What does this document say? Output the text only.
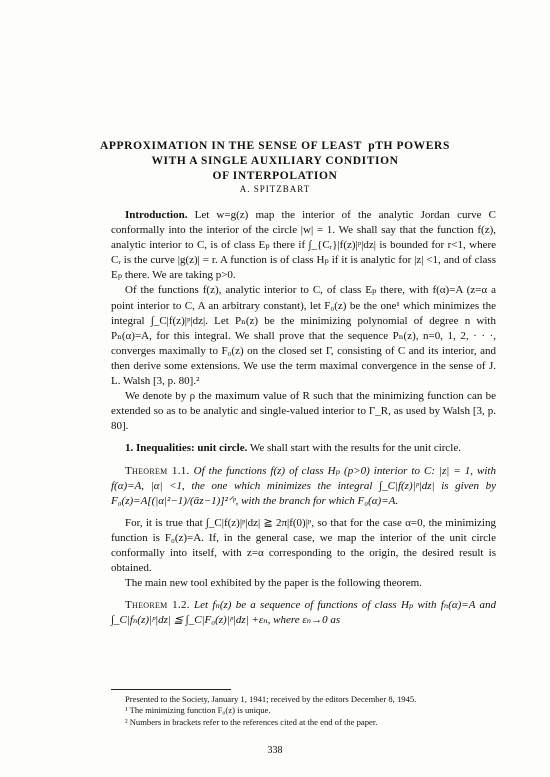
APPROXIMATION IN THE SENSE OF LEAST  pTH POWERS
WITH A SINGLE AUXILIARY CONDITION
OF INTERPOLATION

A. SPITZBART

Introduction. Let w=g(z) map the interior of the analytic Jordan curve C conformally into the interior of the circle |w| = 1. We shall say that the function f(z), analytic interior to C, is of class Eₚ there if ∫_{Cᵣ}|f(z)|ᵖ|dz| is bounded for r<1, where Cᵣ is the curve |g(z)| = r. A function is of class Hₚ if it is analytic for |z| <1, and of class Eₚ there. We are taking p>0.

Of the functions f(z), analytic interior to C, of class Eₚ there, with f(α)=A (z=α a point interior to C, A an arbitrary constant), let F₀(z) be the one¹ which minimizes the integral ∫_C|f(z)|ᵖ|dz|. Let Pₙ(z) be the minimizing polynomial of degree n with Pₙ(α)=A, for this integral. We shall prove that the sequence Pₙ(z), n=0, 1, 2, · · ·, converges maximally to F₀(z) on the closed set Γ, consisting of C and its interior, and then derive some extensions. We use the term maximal convergence in the sense of J. L. Walsh [3, p. 80].²

We denote by ρ the maximum value of R such that the minimizing function can be extended so as to be analytic and single-valued interior to Γ_R, as used by Walsh [3, p. 80].

1. Inequalities: unit circle. We shall start with the results for the unit circle.

Theorem 1.1. Of the functions f(z) of class Hₚ (p>0) interior to C: |z| = 1, with f(α)=A, |α| <1, the one which minimizes the integral ∫_C|f(z)|ᵖ|dz| is given by F₀(z)=A[(|α|²−1)/(ᾱz−1)]²ᐟᵖ, with the branch for which F₀(α)=A.

For, it is true that ∫_C|f(z)|ᵖ|dz| ≧ 2π|f(0)|ᵖ, so that for the case α=0, the minimizing function is F₀(z)=A. If, in the general case, we map the interior of the unit circle conformally into itself, with z=α corresponding to the origin, the desired result is obtained.

The main new tool exhibited by the paper is the following theorem.

Theorem 1.2. Let fₙ(z) be a sequence of functions of class Hₚ with fₙ(α)=A and ∫_C|fₙ(z)|ᵖ|dz| ≦ ∫_C|F₀(z)|ᵖ|dz| +εₙ, where εₙ→0 as

Presented to the Society, January 1, 1941; received by the editors December 8, 1945.

¹ The minimizing function F₀(z) is unique.

² Numbers in brackets refer to the references cited at the end of the paper.

338
